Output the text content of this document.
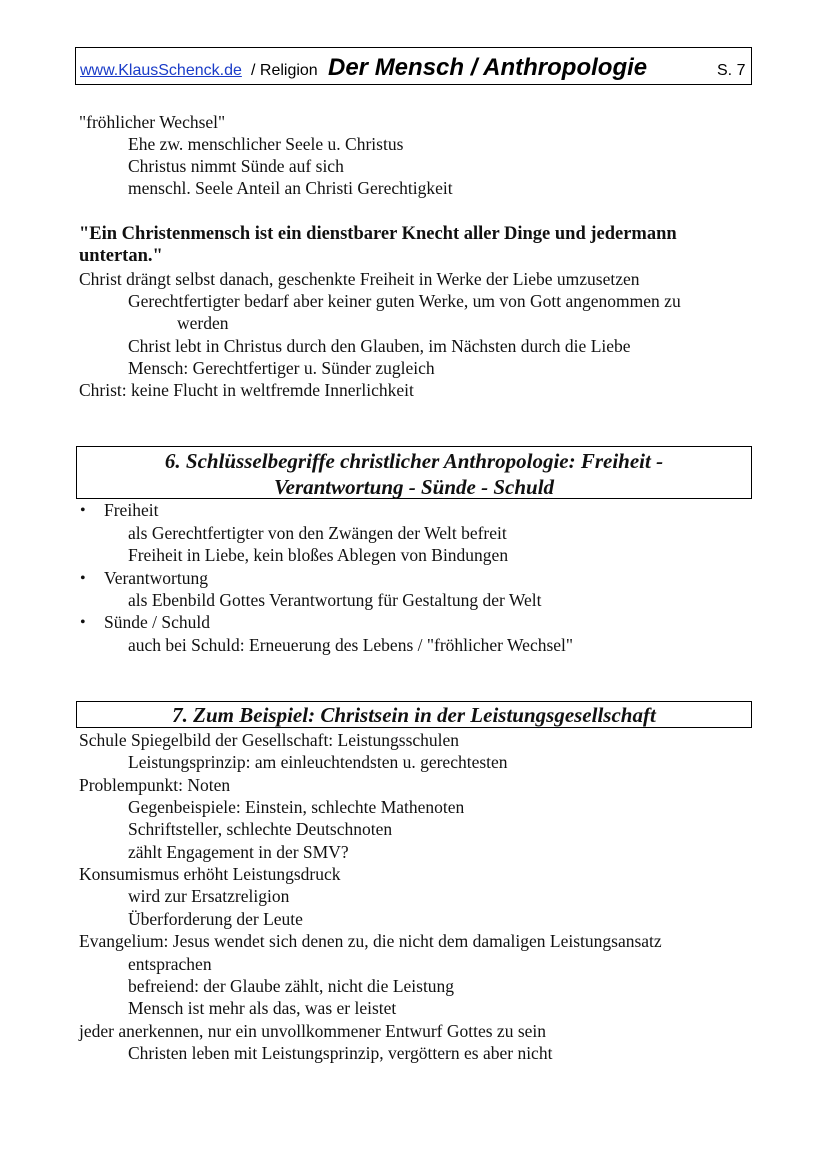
www.KlausSchenck.de / Religion Der Mensch / Anthropologie	S. 7
"fröhlicher Wechsel"
Ehe zw. menschlicher Seele u. Christus
Christus nimmt Sünde auf sich
menschl. Seele Anteil an Christi Gerechtigkeit
"Ein Christenmensch ist ein dienstbarer Knecht aller Dinge und jedermann
untertan."
Christ drängt selbst danach, geschenkte Freiheit in Werke der Liebe umzusetzen
Gerechtfertigter bedarf aber keiner guten Werke, um von Gott angenommen zu
werden
Christ lebt in Christus durch den Glauben, im Nächsten durch die Liebe
Mensch: Gerechtfertiger u. Sünder zugleich
Christ: keine Flucht in weltfremde Innerlichkeit
6. Schlüsselbegriffe christlicher Anthropologie: Freiheit -
Verantwortung - Sünde - Schuld
• Freiheit
als Gerechtfertigter von den Zwängen der Welt befreit
Freiheit in Liebe, kein bloßes Ablegen von Bindungen
• Verantwortung
als Ebenbild Gottes Verantwortung für Gestaltung der Welt
• Sünde / Schuld
auch bei Schuld: Erneuerung des Lebens / "fröhlicher Wechsel"
7. Zum Beispiel: Christsein in der Leistungsgesellschaft
Schule Spiegelbild der Gesellschaft: Leistungsschulen
Leistungsprinzip: am einleuchtendsten u. gerechtesten
Problempunkt: Noten
Gegenbeispiele: Einstein, schlechte Mathenoten
Schriftsteller, schlechte Deutschnoten
zählt Engagement in der SMV?
Konsumismus erhöht Leistungsdruck
wird zur Ersatzreligion
Überforderung der Leute
Evangelium: Jesus wendet sich denen zu, die nicht dem damaligen Leistungsansatz
entsprachen
befreiend: der Glaube zählt, nicht die Leistung
Mensch ist mehr als das, was er leistet
jeder anerkennen, nur ein unvollkommener Entwurf Gottes zu sein
Christen leben mit Leistungsprinzip, vergöttern es aber nicht
